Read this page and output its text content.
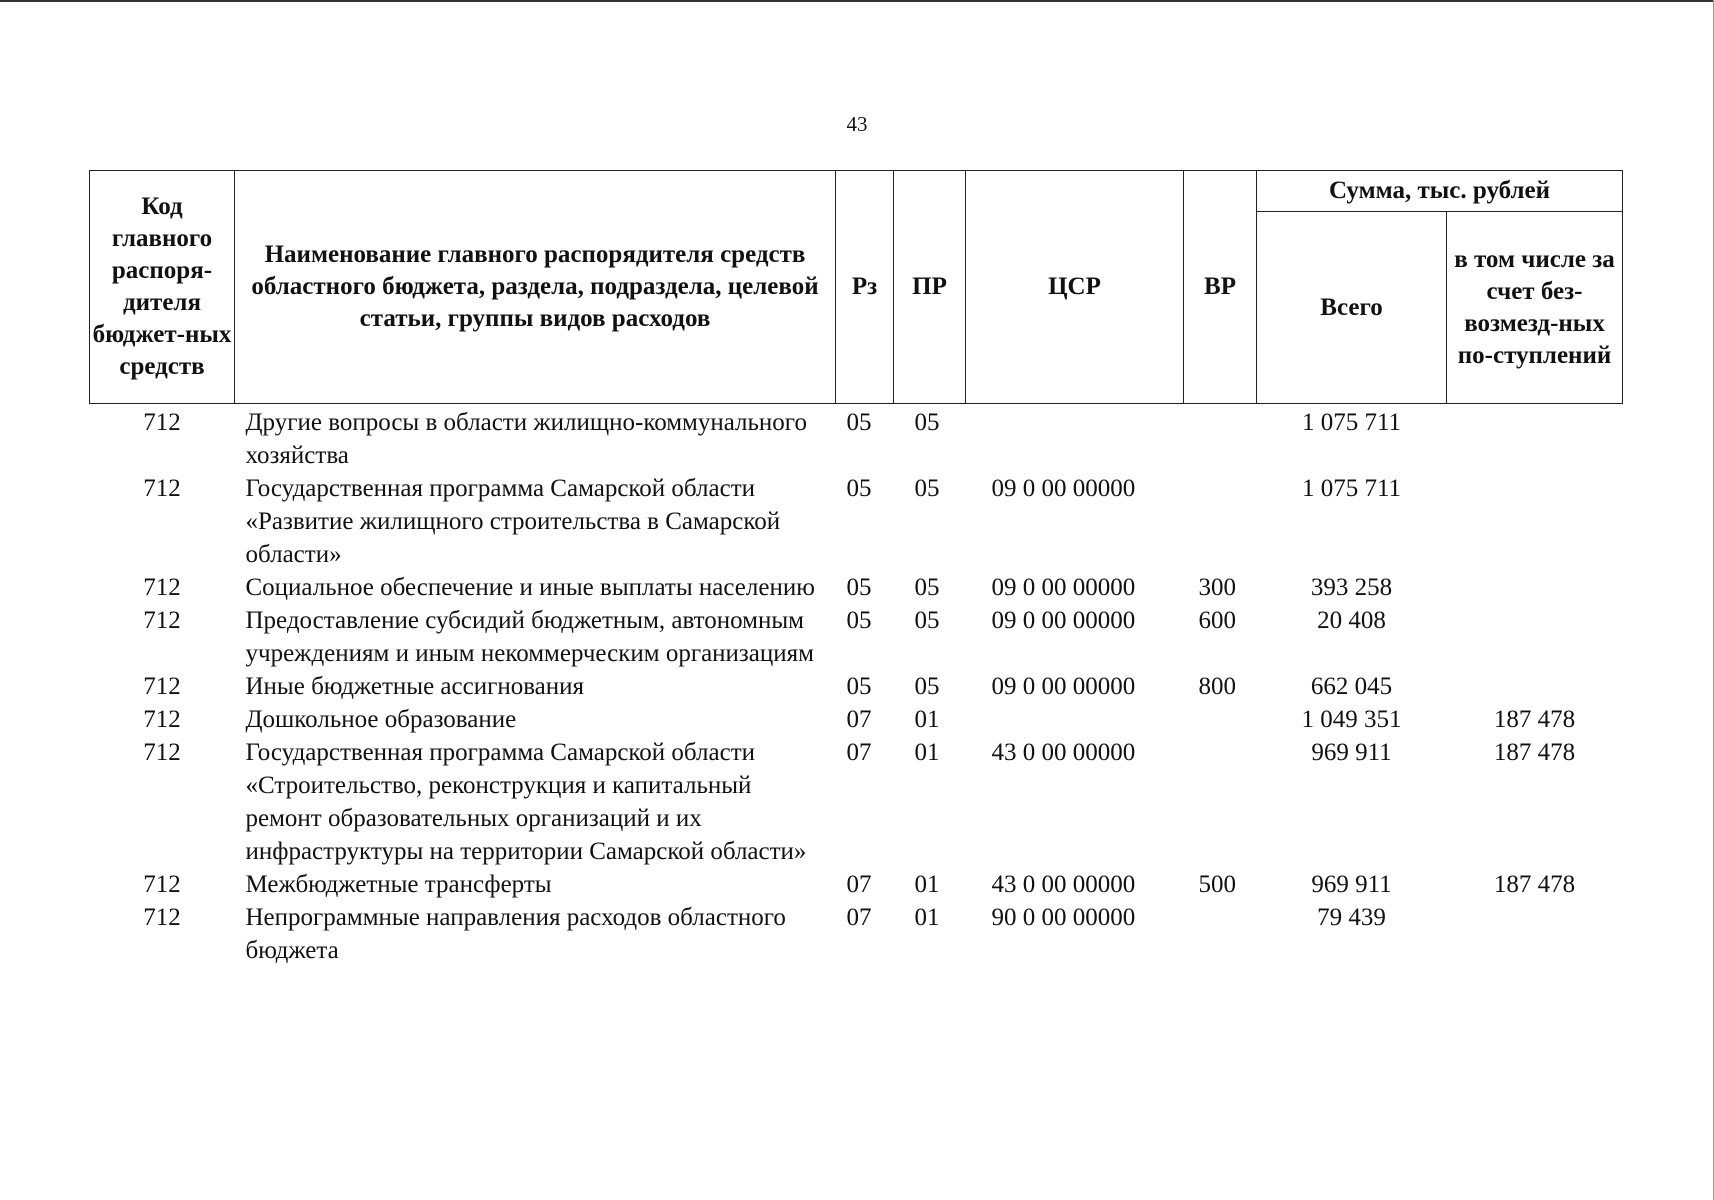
43
Код главного распоря-дителя бюджет-ных средств	Наименование главного распорядителя средств областного бюджета, раздела, подраздела, целевой статьи, группы видов расходов	Рз	ПР	ЦСР	ВР	Сумма, тыс. рублей	
						Всего	в том числе за счет без-возмезд-ных по-ступлений
712	Другие вопросы в области жилищно-коммунального хозяйства	05	05			1 075 711	
712	Государственная программа Самарской области «Развитие жилищного строительства в Самарской области»	05	05	09 0 00 00000		1 075 711	
712	Социальное обеспечение и иные выплаты населению	05	05	09 0 00 00000	300	393 258	
712	Предоставление субсидий бюджетным, автономным учреждениям и иным некоммерческим организациям	05	05	09 0 00 00000	600	20 408	
712	Иные бюджетные ассигнования	05	05	09 0 00 00000	800	662 045	
712	Дошкольное образование	07	01			1 049 351	187 478
712	Государственная программа Самарской области «Строительство, реконструкция и капитальный ремонт образовательных организаций и их инфраструктуры на территории Самарской области»	07	01	43 0 00 00000		969 911	187 478
712	Межбюджетные трансферты	07	01	43 0 00 00000	500	969 911	187 478
712	Непрограммные направления расходов областного бюджета	07	01	90 0 00 00000		79 439	
